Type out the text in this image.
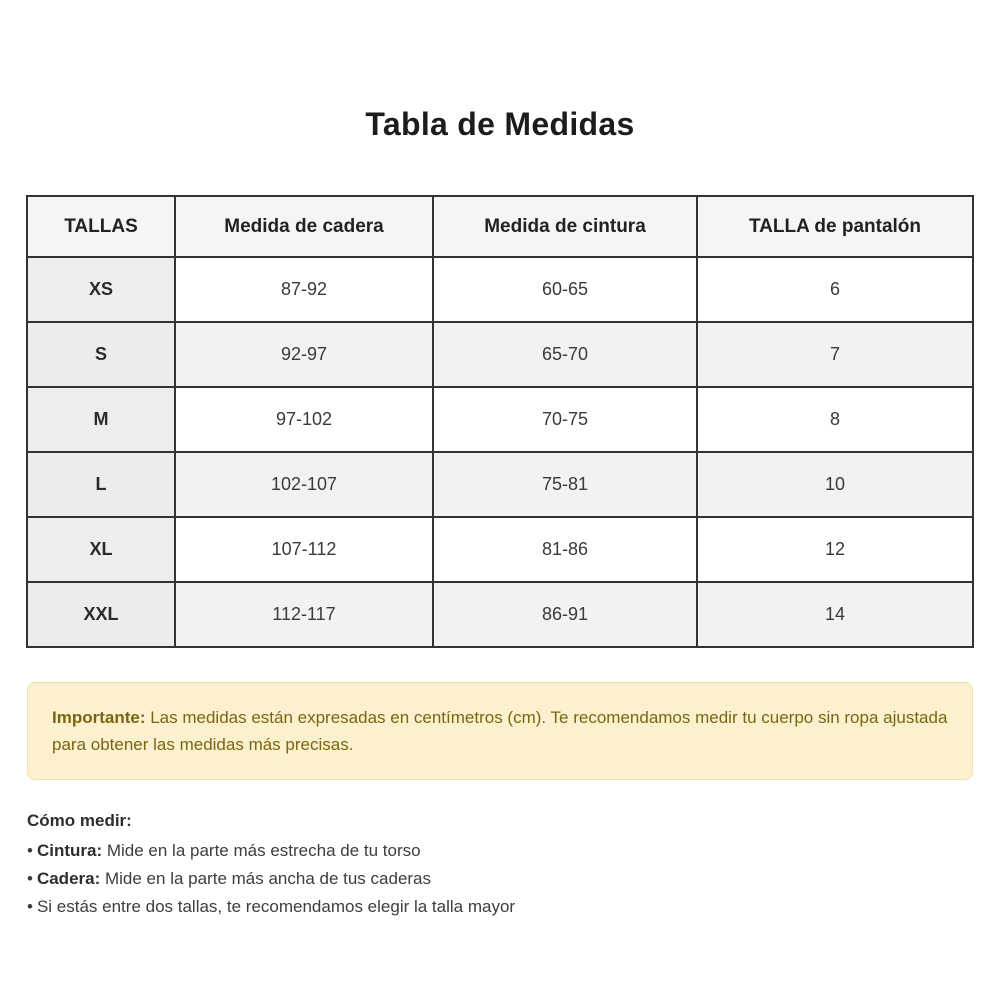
Tabla de Medidas
TALLAS	Medida de cadera	Medida de cintura	TALLA de pantalón
XS	87-92	60-65	6
S	92-97	65-70	7
M	97-102	70-75	8
L	102-107	75-81	10
XL	107-112	81-86	12
XXL	112-117	86-91	14
Importante: Las medidas están expresadas en centímetros (cm). Te recomendamos medir tu cuerpo sin ropa ajustada para obtener las medidas más precisas.
Cómo medir:
• Cintura: Mide en la parte más estrecha de tu torso
• Cadera: Mide en la parte más ancha de tus caderas
• Si estás entre dos tallas, te recomendamos elegir la talla mayor
